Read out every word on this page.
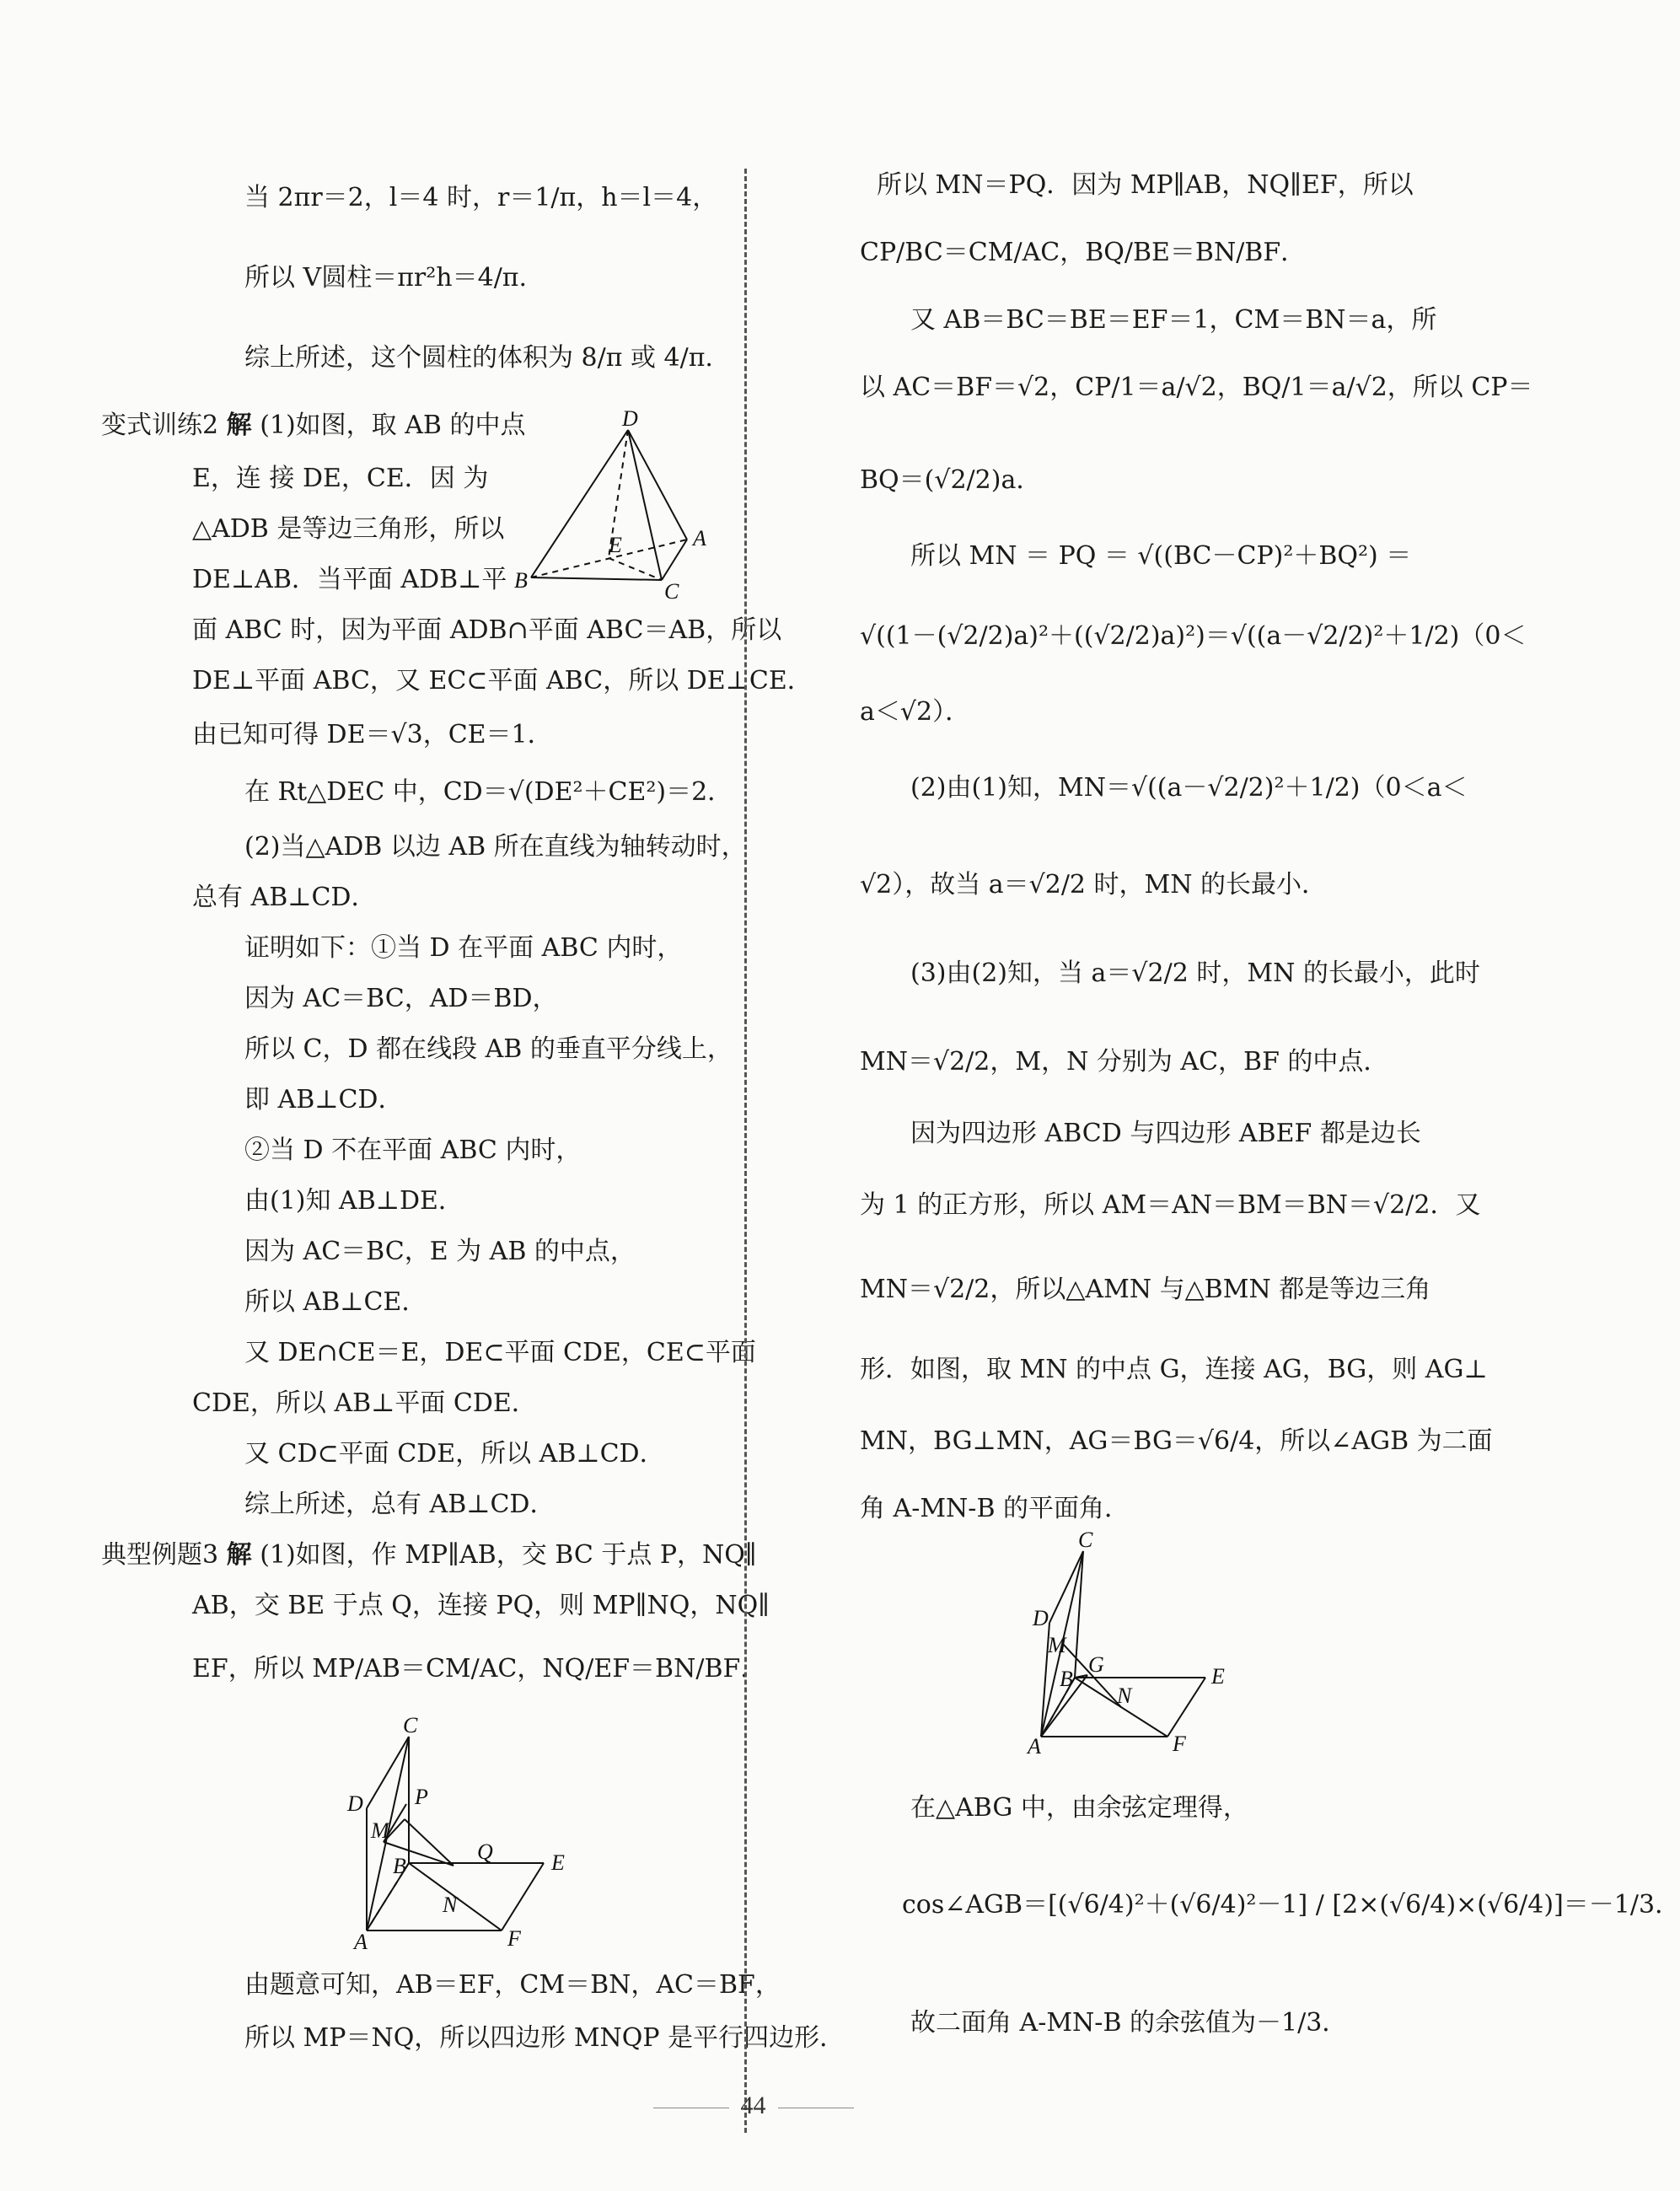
当 2πr＝2，l＝4 时，r＝1/π，h＝l＝4，
所以 V圆柱＝πr²h＝4/π.
综上所述，这个圆柱的体积为 8/π 或 4/π.
变式训练2 解 (1)如图，取 AB 的中点
E，连 接 DE，CE．因 为
△ADB 是等边三角形，所以
DE⊥AB．当平面 ADB⊥平
面 ABC 时，因为平面 ADB∩平面 ABC＝AB，所以
DE⊥平面 ABC，又 EC⊂平面 ABC，所以 DE⊥CE．
由已知可得 DE＝√3，CE＝1．
在 Rt△DEC 中，CD＝√(DE²＋CE²)＝2．
(2)当△ADB 以边 AB 所在直线为轴转动时，
总有 AB⊥CD．
证明如下：①当 D 在平面 ABC 内时，
因为 AC＝BC，AD＝BD，
所以 C，D 都在线段 AB 的垂直平分线上，
即 AB⊥CD．
②当 D 不在平面 ABC 内时，
由(1)知 AB⊥DE．
因为 AC＝BC，E 为 AB 的中点，
所以 AB⊥CE．
又 DE∩CE＝E，DE⊂平面 CDE，CE⊂平面
CDE，所以 AB⊥平面 CDE．
又 CD⊂平面 CDE，所以 AB⊥CD．
综上所述，总有 AB⊥CD．
典型例题3 解 (1)如图，作 MP∥AB，交 BC 于点 P，NQ∥
AB，交 BE 于点 Q，连接 PQ，则 MP∥NQ，NQ∥
EF，所以 MP/AB＝CM/AC，NQ/EF＝BN/BF．
由题意可知，AB＝EF，CM＝BN，AC＝BF，
所以 MP＝NQ，所以四边形 MNQP 是平行四边形．
D
A
B	C
E
C
D P
M
B
Q	E
N
A	F
所以 MN＝PQ．因为 MP∥AB，NQ∥EF，所以
CP/BC＝CM/AC，BQ/BE＝BN/BF．
又 AB＝BC＝BE＝EF＝1，CM＝BN＝a，所
以 AC＝BF＝√2，CP/1＝a/√2，BQ/1＝a/√2，所以 CP＝
BQ＝(√2/2)a．
所以 MN ＝ PQ ＝ √((BC－CP)²＋BQ²) ＝
√((1－(√2/2)a)²＋((√2/2)a)²)＝√((a－√2/2)²＋1/2)（0＜
a＜√2）．
(2)由(1)知，MN＝√((a－√2/2)²＋1/2)（0＜a＜
√2），故当 a＝√2/2 时，MN 的长最小．
(3)由(2)知，当 a＝√2/2 时，MN 的长最小，此时
MN＝√2/2，M，N 分别为 AC，BF 的中点．
因为四边形 ABCD 与四边形 ABEF 都是边长
为 1 的正方形，所以 AM＝AN＝BM＝BN＝√2/2．又
MN＝√2/2，所以△AMN 与△BMN 都是等边三角
形．如图，取 MN 的中点 G，连接 AG，BG，则 AG⊥
MN，BG⊥MN，AG＝BG＝√6/4，所以∠AGB 为二面
角 A-MN-B 的平面角．
在△ABG 中，由余弦定理得，
cos∠AGB＝[(√6/4)²＋(√6/4)²－1] / [2×(√6/4)×(√6/4)]＝－1/3．
故二面角 A-MN-B 的余弦值为－1/3．
C
D
M
B
G	E
N
A	F
44
